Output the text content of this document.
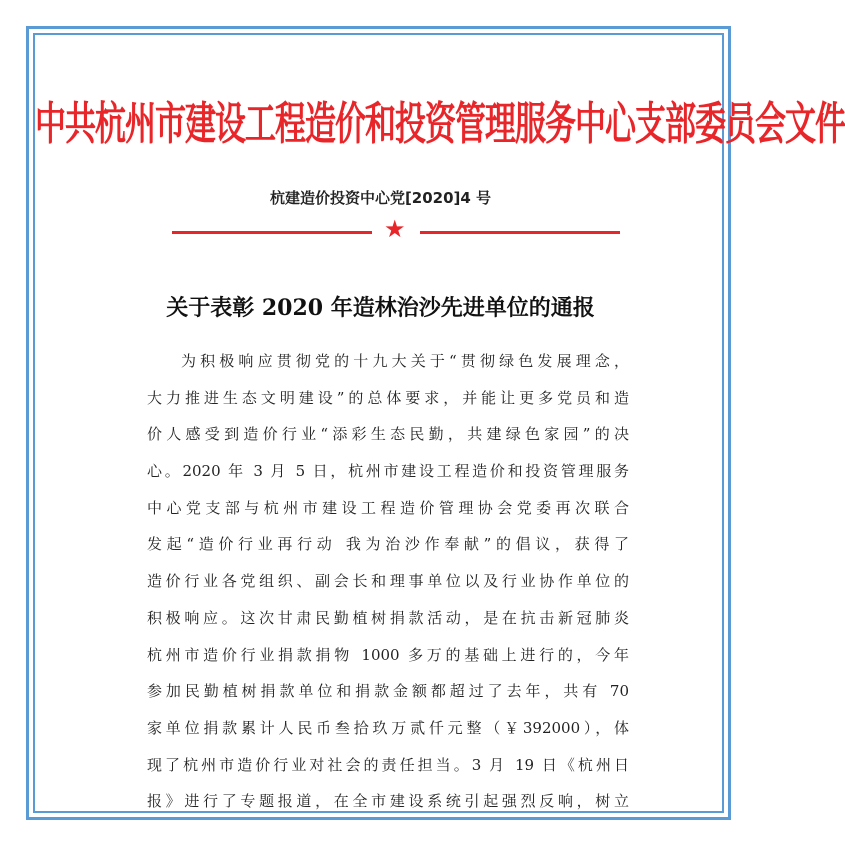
中共杭州市建设工程造价和投资管理服务中心支部委员会文件
杭建造价投资中心党[2020]4 号
★
关于表彰 2020 年造林治沙先进单位的通报
为积极响应贯彻党的十九大关于“贯彻绿色发展理念，
大力推进生态文明建设”的总体要求，并能让更多党员和造
价人感受到造价行业“添彩生态民勤，共建绿色家园”的决
心。2020 年 3 月 5 日，杭州市建设工程造价和投资管理服务
中心党支部与杭州市建设工程造价管理协会党委再次联合
发起“造价行业再行动 我为治沙作奉献”的倡议，获得了
造价行业各党组织、副会长和理事单位以及行业协作单位的
积极响应。这次甘肃民勤植树捐款活动，是在抗击新冠肺炎
杭州市造价行业捐款捐物 1000 多万的基础上进行的，今年
参加民勤植树捐款单位和捐款金额都超过了去年，共有 70
家单位捐款累计人民币叁拾玖万贰仟元整（￥392000），体
现了杭州市造价行业对社会的责任担当。3 月 19 日《杭州日
报》进行了专题报道，在全市建设系统引起强烈反响，树立
